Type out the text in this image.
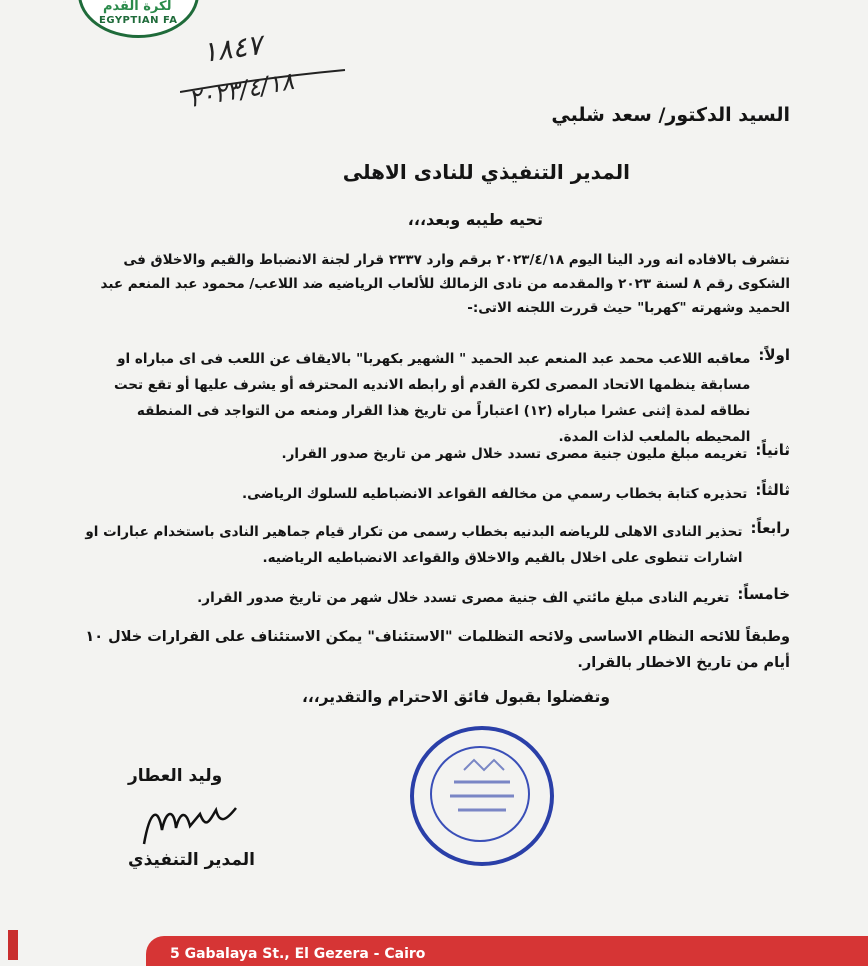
لكرة القدم
EGYPTIAN FA
١٨٤٧
٢٠٢٣/٤/١٨
السيد الدكتور/ سعد شلبي
المدير التنفيذي للنادى الاهلى
تحيه طيبه وبعد،،،
نتشرف بالافاده انه ورد الينا اليوم ٢٠٢٣/٤/١٨ برقم وارد ٢٣٣٧ قرار لجنة الانضباط والقيم والاخلاق فى الشكوى رقم ٨ لسنة ٢٠٢٣ والمقدمه من نادى الزمالك للألعاب الرياضيه ضد اللاعب/ محمود عبد المنعم عبد الحميد وشهرته "كهربا" حيث قررت اللجنه الاتى:-
اولاً:
معاقبه اللاعب محمد عبد المنعم عبد الحميد " الشهير بكهربا" بالايقاف عن اللعب فى اى مباراه او مسابقة ينظمها الاتحاد المصرى لكرة القدم أو رابطه الانديه المحترفه أو يشرف عليها أو تقع تحت نطاقه لمدة إثنى عشرا مباراه (١٢) اعتباراً من تاريخ هذا القرار ومنعه من التواجد فى المنطقه المحيطه بالملعب لذات المدة.
ثانياً:
تغريمه مبلغ مليون جنية مصرى تسدد خلال شهر من تاريخ صدور القرار.
ثالثاً:
تحذيره كتابة بخطاب رسمي من مخالفه القواعد الانضباطيه للسلوك الرياضى.
رابعاً:
تحذير النادى الاهلى للرياضه البدنيه بخطاب رسمى من تكرار قيام جماهير النادى باستخدام عبارات او اشارات تنطوى على اخلال بالقيم والاخلاق والقواعد الانضباطيه الرياضيه.
خامساً:
تغريم النادى مبلغ مائتي الف جنية مصرى تسدد خلال شهر من تاريخ صدور القرار.
وطبقاً للائحه النظام الاساسى ولائحه التظلمات "الاستئناف" يمكن الاستئناف على القرارات خلال ١٠ أيام من تاريخ الاخطار بالقرار.
وتفضلوا بقبول فائق الاحترام والتقدير،،،
وليد العطار
المدير التنفيذي
5 Gabalaya St., El Gezera - Cairo
